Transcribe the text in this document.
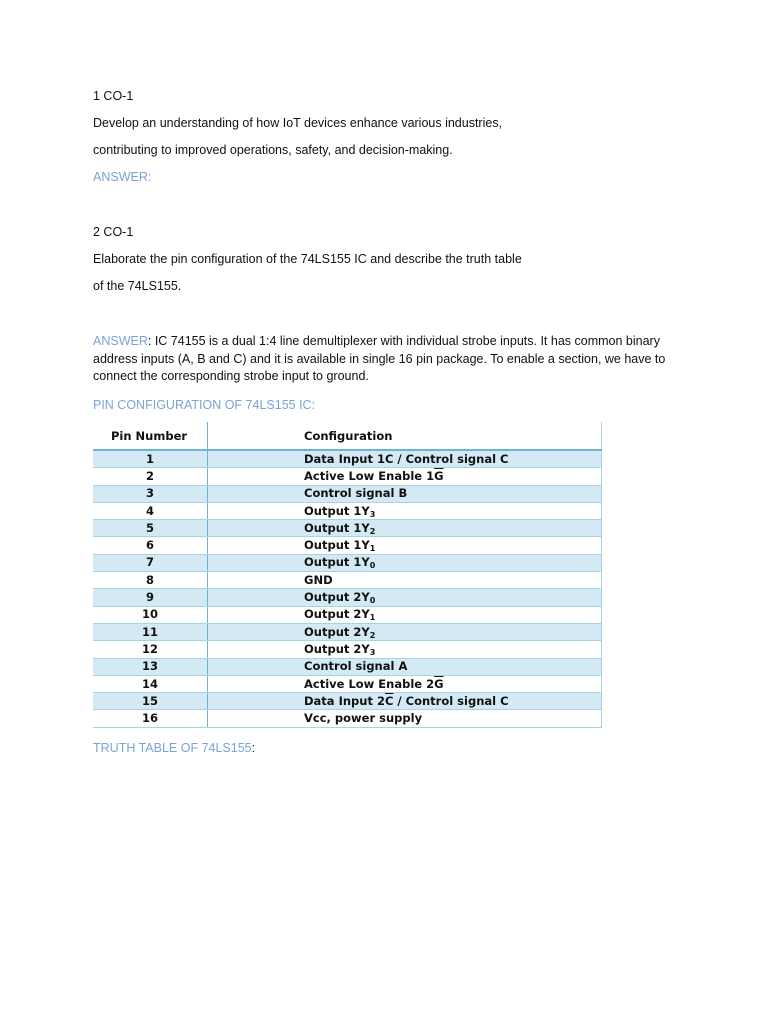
1 CO-1
Develop an understanding of how IoT devices enhance various industries,
contributing to improved operations, safety, and decision-making.
ANSWER:
2 CO-1
Elaborate the pin configuration of the 74LS155 IC and describe the truth table
of the 74LS155.
ANSWER: IC 74155 is a dual 1:4 line demultiplexer with individual strobe inputs. It has common binary address inputs (A, B and C) and it is available in single 16 pin package. To enable a section, we have to connect the corresponding strobe input to ground.
PIN CONFIGURATION OF 74LS155 IC:
Pin Number	Configuration
1	Data Input 1C / Control signal C
2	Active Low Enable $1\overline{G}$
3	Control signal B
4	Output $1Y_3$
5	Output $1Y_2$
6	Output $1Y_1$
7	Output $1Y_0$
8	GND
9	Output $2Y_0$
10	Output $2Y_1$
11	Output $2Y_2$
12	Output $2Y_3$
13	Control signal A
14	Active Low Enable $2\overline{G}$
15	Data Input $2\overline{C}$ / Control signal C
16	Vcc, power supply
TRUTH TABLE OF 74LS155:
